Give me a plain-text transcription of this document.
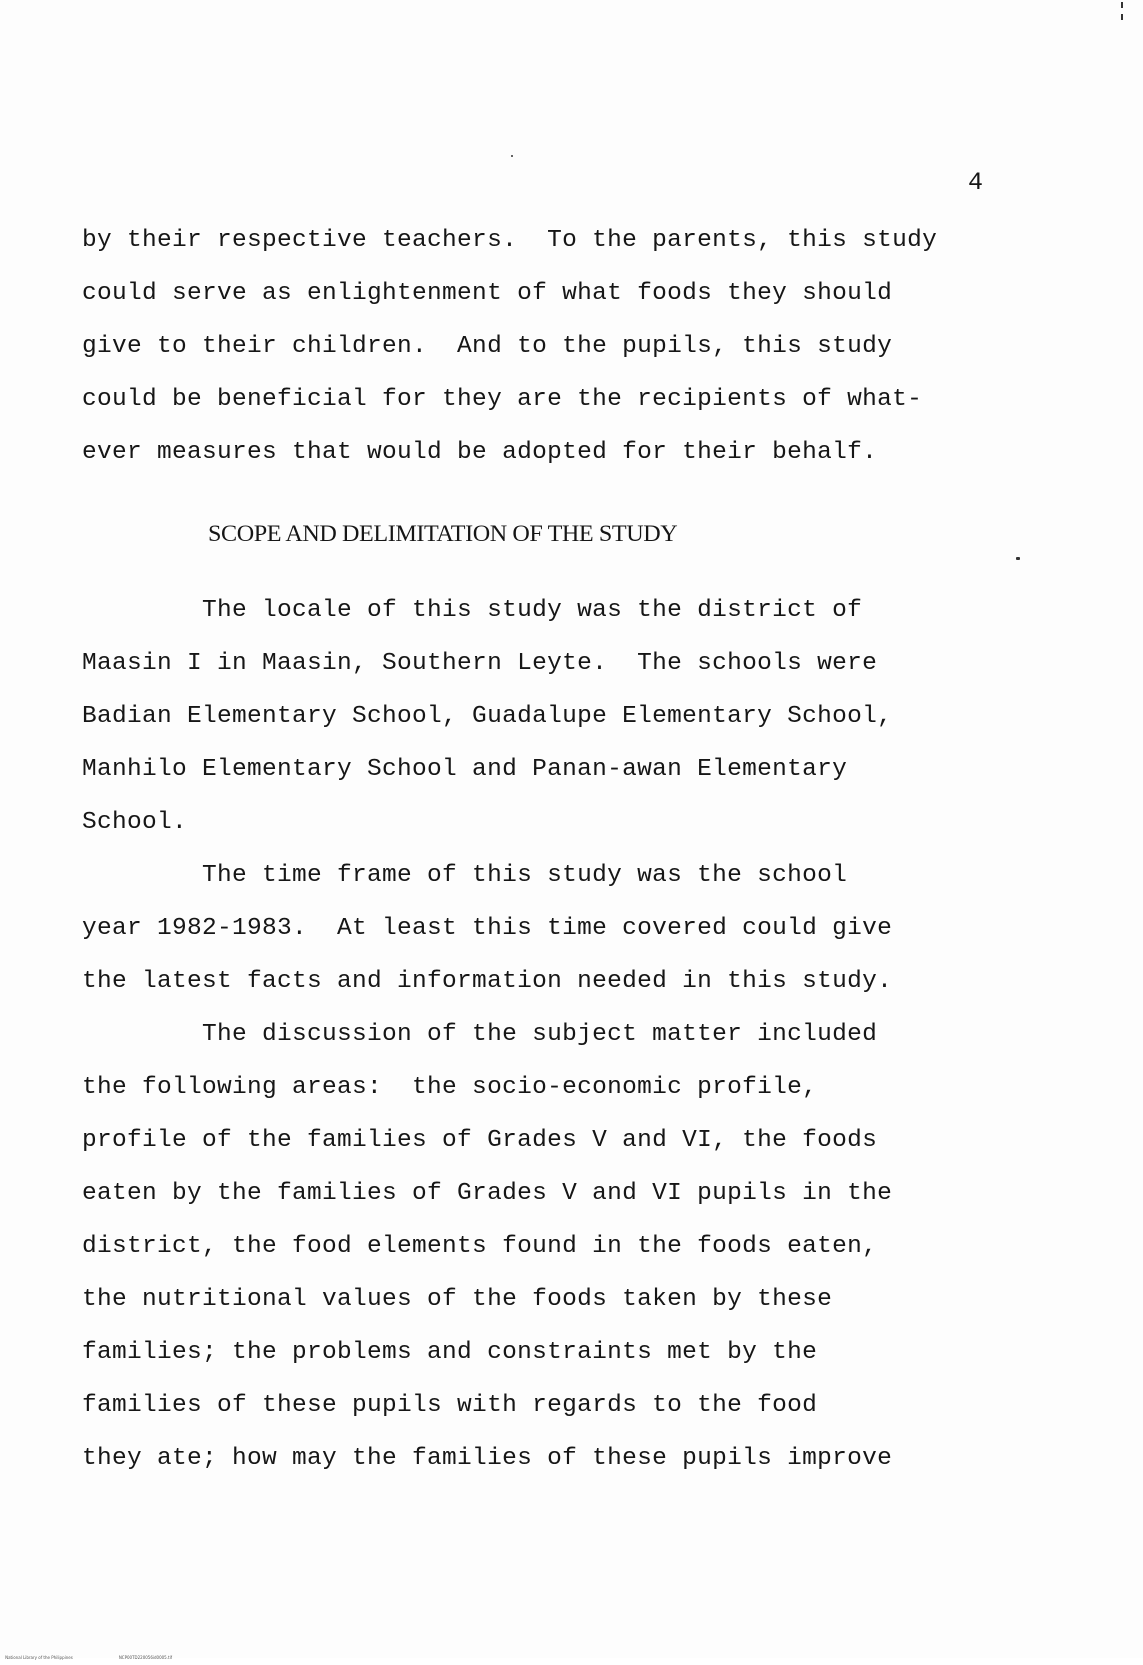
4
by their respective teachers.  To the parents, this study
could serve as enlightenment of what foods they should
give to their children.  And to the pupils, this study
could be beneficial for they are the recipients of what-
ever measures that would be adopted for their behalf.
SCOPE AND DELIMITATION OF THE STUDY
The locale of this study was the district of
Maasin I in Maasin, Southern Leyte.  The schools were
Badian Elementary School, Guadalupe Elementary School,
Manhilo Elementary School and Panan-awan Elementary
School.
The time frame of this study was the school
year 1982-1983.  At least this time covered could give
the latest facts and information needed in this study.
The discussion of the subject matter included
the following areas:  the socio-economic profile,
profile of the families of Grades V and VI, the foods
eaten by the families of Grades V and VI pupils in the
district, the food elements found in the foods eaten,
the nutritional values of the foods taken by these
families; the problems and constraints met by the
families of these pupils with regards to the food
they ate; how may the families of these pupils improve

National Library of the Philippines	NCP00TD220056id0005.tif
